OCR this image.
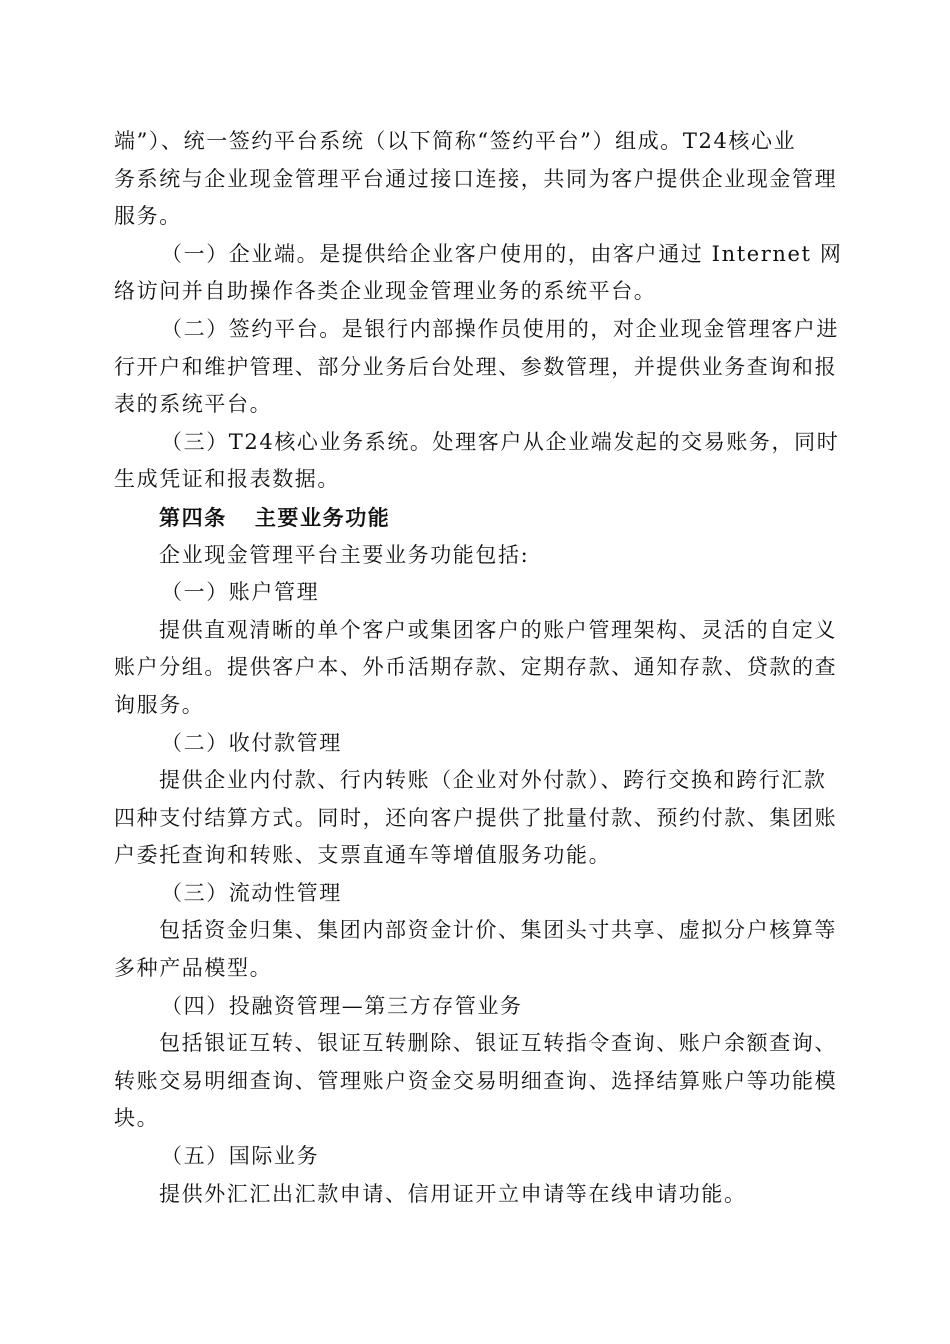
端”）、统一签约平台系统（以下简称“签约平台”）组成。T24核心业
务系统与企业现金管理平台通过接口连接，共同为客户提供企业现金管理
服务。
（一）企业端。是提供给企业客户使用的，由客户通过 Internet 网
络访问并自助操作各类企业现金管理业务的系统平台。
（二）签约平台。是银行内部操作员使用的，对企业现金管理客户进
行开户和维护管理、部分业务后台处理、参数管理，并提供业务查询和报
表的系统平台。
（三）T24核心业务系统。处理客户从企业端发起的交易账务，同时
生成凭证和报表数据。
第四条 主要业务功能
企业现金管理平台主要业务功能包括:
（一）账户管理
提供直观清晰的单个客户或集团客户的账户管理架构、灵活的自定义
账户分组。提供客户本、外币活期存款、定期存款、通知存款、贷款的查
询服务。
（二）收付款管理
提供企业内付款、行内转账（企业对外付款）、跨行交换和跨行汇款
四种支付结算方式。同时，还向客户提供了批量付款、预约付款、集团账
户委托查询和转账、支票直通车等增值服务功能。
（三）流动性管理
包括资金归集、集团内部资金计价、集团头寸共享、虚拟分户核算等
多种产品模型。
（四）投融资管理—第三方存管业务
包括银证互转、银证互转删除、银证互转指令查询、账户余额查询、
转账交易明细查询、管理账户资金交易明细查询、选择结算账户等功能模
块。
（五）国际业务
提供外汇汇出汇款申请、信用证开立申请等在线申请功能。
